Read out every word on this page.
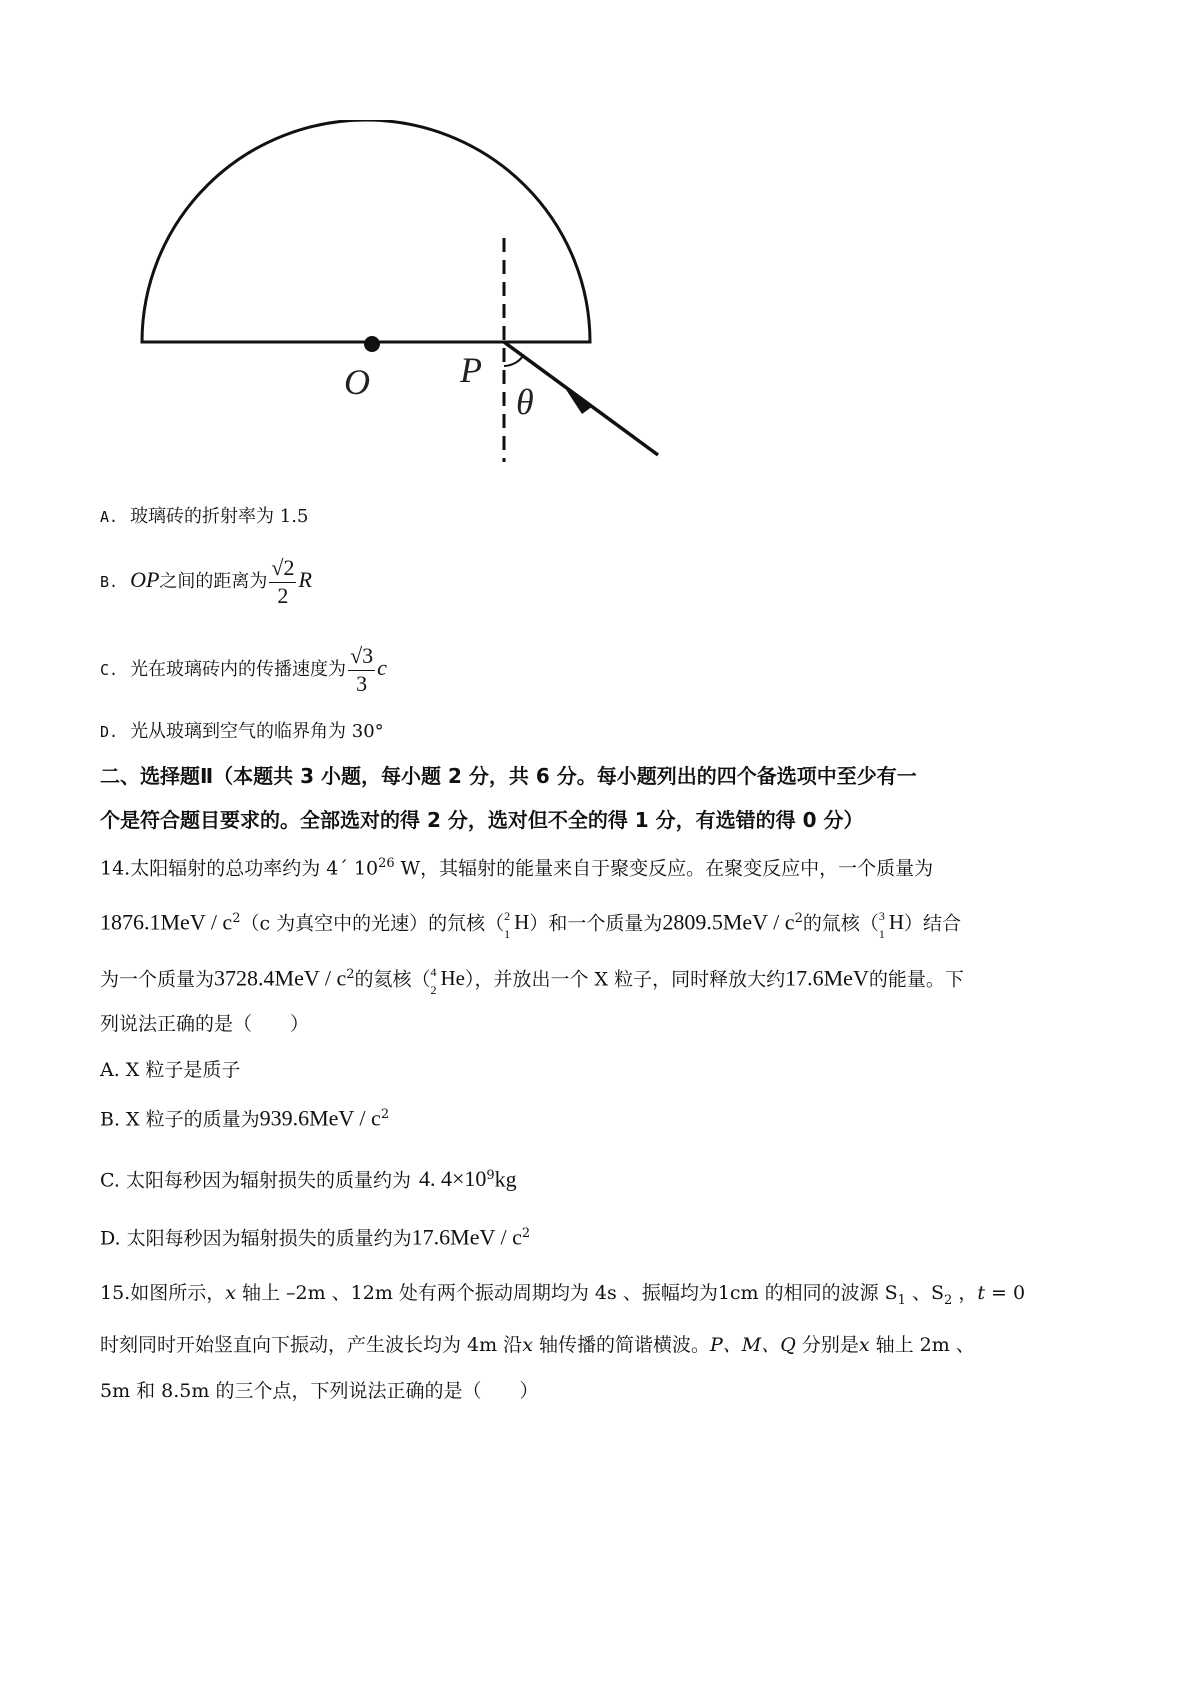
O	P
θ
A. 玻璃砖的折射率为 1.5
B. OP之间的距离为 $\frac{√2}{2}$ R
C. 光在玻璃砖内的传播速度为 $\frac{√3}{3}$ c
D. 光从玻璃到空气的临界角为 30°
二、选择题Ⅱ（本题共 3 小题，每小题 2 分，共 6 分。每小题列出的四个备选项中至少有一
个是符合题目要求的。全部选对的得 2 分，选对但不全的得 1 分，有选错的得 0 分）
14.太阳辐射的总功率约为 4´ $10^{26}$ W，其辐射的能量来自于聚变反应。在聚变反应中，一个质量为
$1876.1MeV / c^2(c$ 为真空中的光速）的氘核（ 2
1 H）和一个质量为$2809.5MeV / c^2$的氚核（ 3
1 H）结合
为一个质量为$3728.4MeV / c^2$的氦核（ 4
2 He），并放出一个 X 粒子，同时释放大约17.6MeV的能量。下
列说法正确的是（　　）
A. X 粒子是质子
B. X 粒子的质量为$939.6MeV / c^2$
C. 太阳每秒因为辐射损失的质量约为 4. $4\times 10^9kg$
D. 太阳每秒因为辐射损失的质量约为$17.6MeV / c^2$
15.如图所示，x 轴上 –2m 、12m 处有两个振动周期均为 4s 、振幅均为1cm 的相同的波源 $S_1$ 、$S_2$ ，t = 0
时刻同时开始竖直向下振动，产生波长均为 4m 沿x 轴传播的简谐横波。P、M、Q 分别是x 轴上 2m 、
5m 和 8.5m 的三个点，下列说法正确的是（　　）
